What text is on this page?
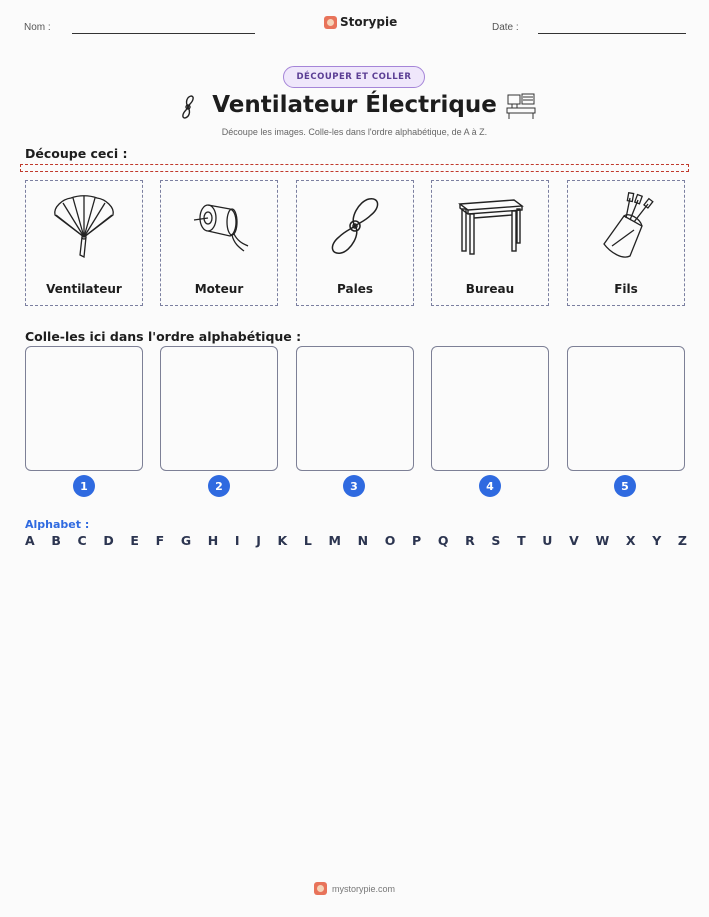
Nom :	Storypie	Date :
DÉCOUPER ET COLLER
Ventilateur Électrique
Découpe les images. Colle-les dans l'ordre alphabétique, de A à Z.
Découpe ceci :
Ventilateur	Moteur	Pales	Bureau	Fils
Colle-les ici dans l'ordre alphabétique :
1	2	3	4	5
Alphabet :
A B C D E F G H I J K L M N O P Q R S T U V W X Y Z
mystorypie.com
